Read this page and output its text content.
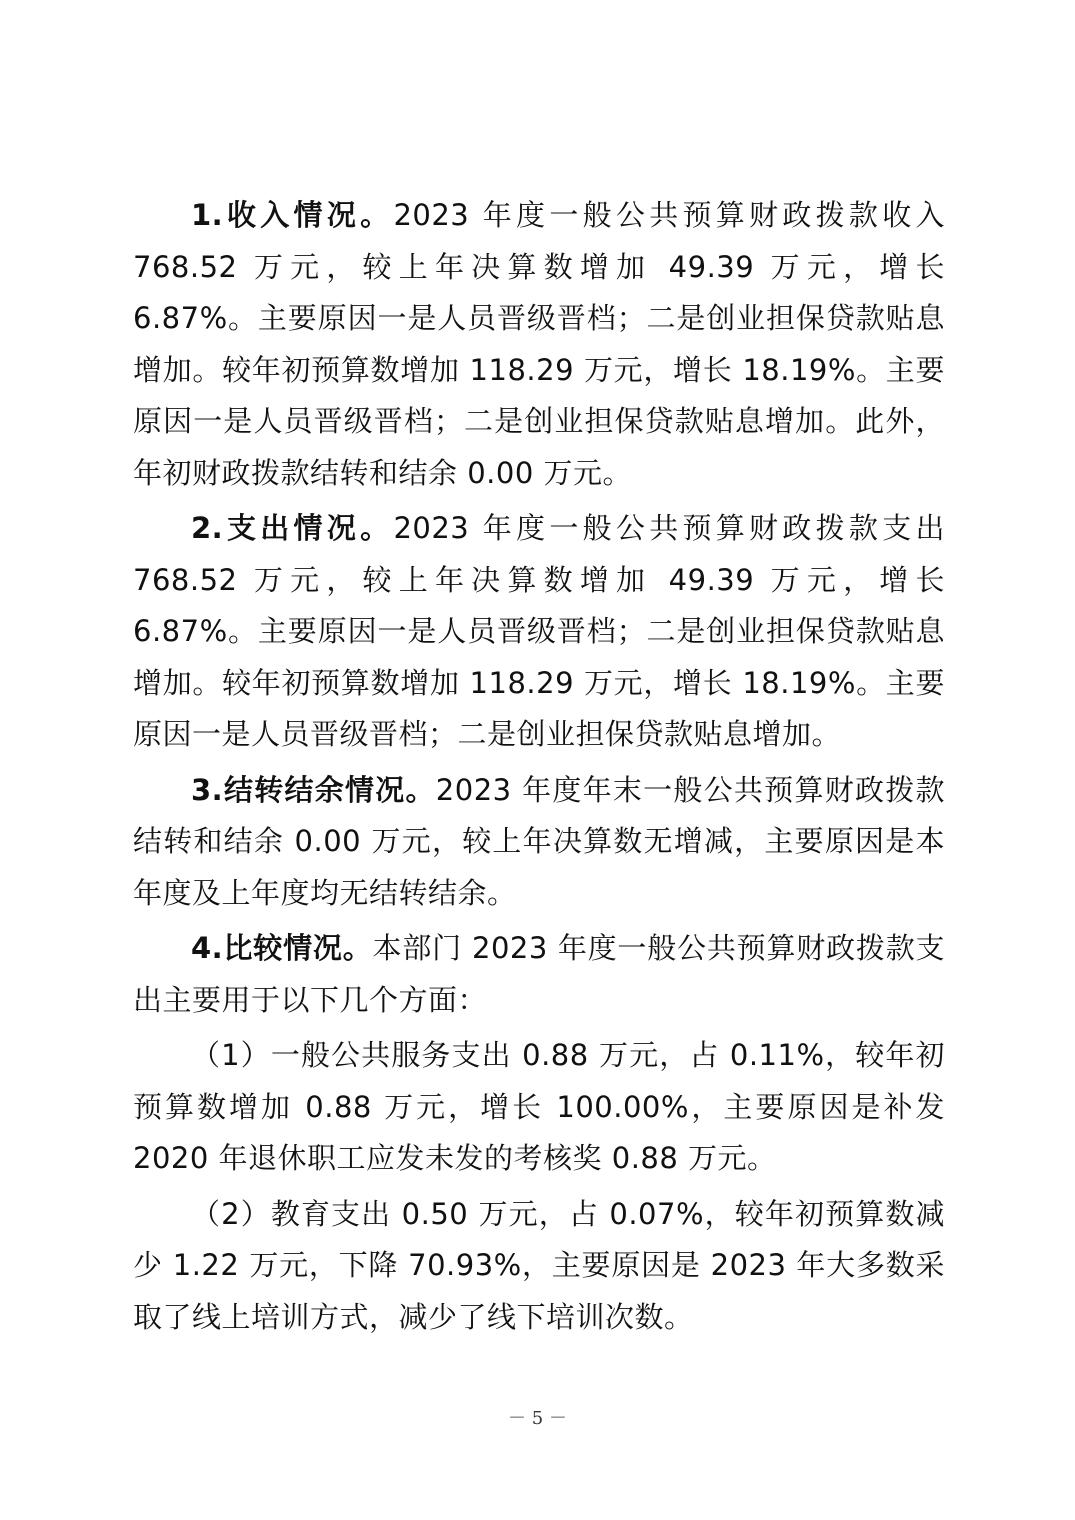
1.收入情况。2023 年度一般公共预算财政拨款收入 768.52 万元，较上年决算数增加 49.39 万元，增长 6.87%。主要原因一是人员晋级晋档；二是创业担保贷款贴息增加。较年初预算数增加 118.29 万元，增长 18.19%。主要原因一是人员晋级晋档；二是创业担保贷款贴息增加。此外，年初财政拨款结转和结余 0.00 万元。

2.支出情况。2023 年度一般公共预算财政拨款支出 768.52 万元，较上年决算数增加 49.39 万元，增长 6.87%。主要原因一是人员晋级晋档；二是创业担保贷款贴息增加。较年初预算数增加 118.29 万元，增长 18.19%。主要原因一是人员晋级晋档；二是创业担保贷款贴息增加。

3.结转结余情况。2023 年度年末一般公共预算财政拨款结转和结余 0.00 万元，较上年决算数无增减，主要原因是本年度及上年度均无结转结余。

4.比较情况。本部门 2023 年度一般公共预算财政拨款支出主要用于以下几个方面：

（1）一般公共服务支出 0.88 万元，占 0.11%，较年初预算数增加 0.88 万元，增长 100.00%，主要原因是补发 2020 年退休职工应发未发的考核奖 0.88 万元。

（2）教育支出 0.50 万元，占 0.07%，较年初预算数减少 1.22 万元，下降 70.93%，主要原因是 2023 年大多数采取了线上培训方式，减少了线下培训次数。

－ 5 －
